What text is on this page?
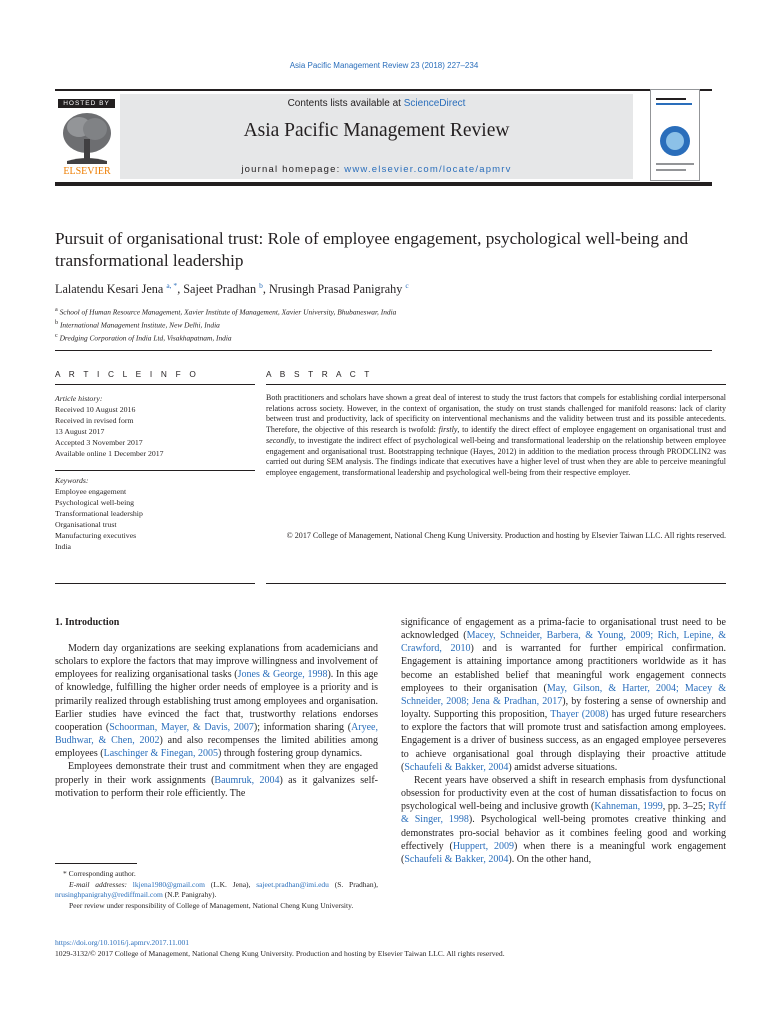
Asia Pacific Management Review 23 (2018) 227–234
HOSTED BY
ELSEVIER
Contents lists available at ScienceDirect
Asia Pacific Management Review
journal homepage: www.elsevier.com/locate/apmrv
Pursuit of organisational trust: Role of employee engagement, psychological well-being and transformational leadership
Lalatendu Kesari Jena $^{a, *}$, Sajeet Pradhan $^b$, Nrusingh Prasad Panigrahy $^c$
$^a$ School of Human Resource Management, Xavier Institute of Management, Xavier University, Bhubaneswar, India
$^b$ International Management Institute, New Delhi, India
$^c$ Dredging Corporation of India Ltd, Visakhapatnam, India
A R T I C L E I N F O	A B S T R A C T
Article history:
Received 10 August 2016
Received in revised form
13 August 2017
Accepted 3 November 2017
Available online 1 December 2017
Keywords:
Employee engagement
Psychological well-being
Transformational leadership
Organisational trust
Manufacturing executives
India

Both practitioners and scholars have shown a great deal of interest to study the trust factors that compels for establishing cordial interpersonal relations across society. However, in the context of organisation, the study on trust stands challenged for manifold reasons: lack of clarity between trust and productivity, lack of specificity on interventional mechanisms and the validity between trust and its possible antecedents. Therefore, the objective of this research is twofold: firstly, to identify the direct effect of employee engagement on organisational trust and secondly, to investigate the indirect effect of psychological well-being and transformational leadership on the relationship between employee engagement and organisational trust. Bootstrapping technique (Hayes, 2012) in addition to the mediation process through PRODCLIN2 was carried out during SEM analysis. The findings indicate that executives have a higher level of trust when they are able to perceive meaningful employee engagement, transformational leadership and psychological well-being from their respective employer.

© 2017 College of Management, National Cheng Kung University. Production and hosting by Elsevier Taiwan LLC. All rights reserved.

1. Introduction

Modern day organizations are seeking explanations from academicians and scholars to explore the factors that may improve willingness and involvement of employees for realizing organisational tasks (Jones & George, 1998). In this age of knowledge, fulfilling the higher order needs of employee is a priority and is primarily realized through establishing trust among employees and organisation. Earlier studies have evinced the fact that, trustworthy relations endorses cooperation (Schoorman, Mayer, & Davis, 2007); information sharing (Aryee, Budhwar, & Chen, 2002) and also recompenses the limited abilities among employees (Laschinger & Finegan, 2005) through fostering group dynamics.

Employees demonstrate their trust and commitment when they are engaged properly in their work assignments (Baumruk, 2004) as it galvanizes self-motivation to perform their role efficiently. The

significance of engagement as a prima-facie to organisational trust need to be acknowledged (Macey, Schneider, Barbera, & Young, 2009; Rich, Lepine, & Crawford, 2010) and is warranted for further empirical confirmation. Engagement is attaining importance among practitioners worldwide as it has become an established belief that meaningful work engagement connects employees to their organisation (May, Gilson, & Harter, 2004; Macey & Schneider, 2008; Jena & Pradhan, 2017), by fostering a sense of ownership and loyalty. Supporting this proposition, Thayer (2008) has urged future researchers to explore the factors that will promote trust and satisfaction among employees. Engagement is a driver of business success, as an engaged employee perseveres to achieve organisational goal through displaying their proactive attitude (Schaufeli & Bakker, 2004) amidst adverse situations.

Recent years have observed a shift in research emphasis from dysfunctional obsession for productivity even at the cost of human dissatisfaction to focus on psychological well-being and inclusive growth (Kahneman, 1999, pp. 3–25; Ryff & Singer, 1998). Psychological well-being promotes creative thinking and demonstrates pro-social behavior as it combines feeling good and working effectively (Huppert, 2009) when there is a meaningful work engagement (Schaufeli & Bakker, 2004). On the other hand,

* Corresponding author.

E-mail addresses: lkjena1980@gmail.com (L.K. Jena), sajeet.pradhan@imi.edu (S. Pradhan), nrusinghpanigrahy@rediffmail.com (N.P. Panigrahy).

Peer review under responsibility of College of Management, National Cheng Kung University.

https://doi.org/10.1016/j.apmrv.2017.11.001
1029-3132/© 2017 College of Management, National Cheng Kung University. Production and hosting by Elsevier Taiwan LLC. All rights reserved.
